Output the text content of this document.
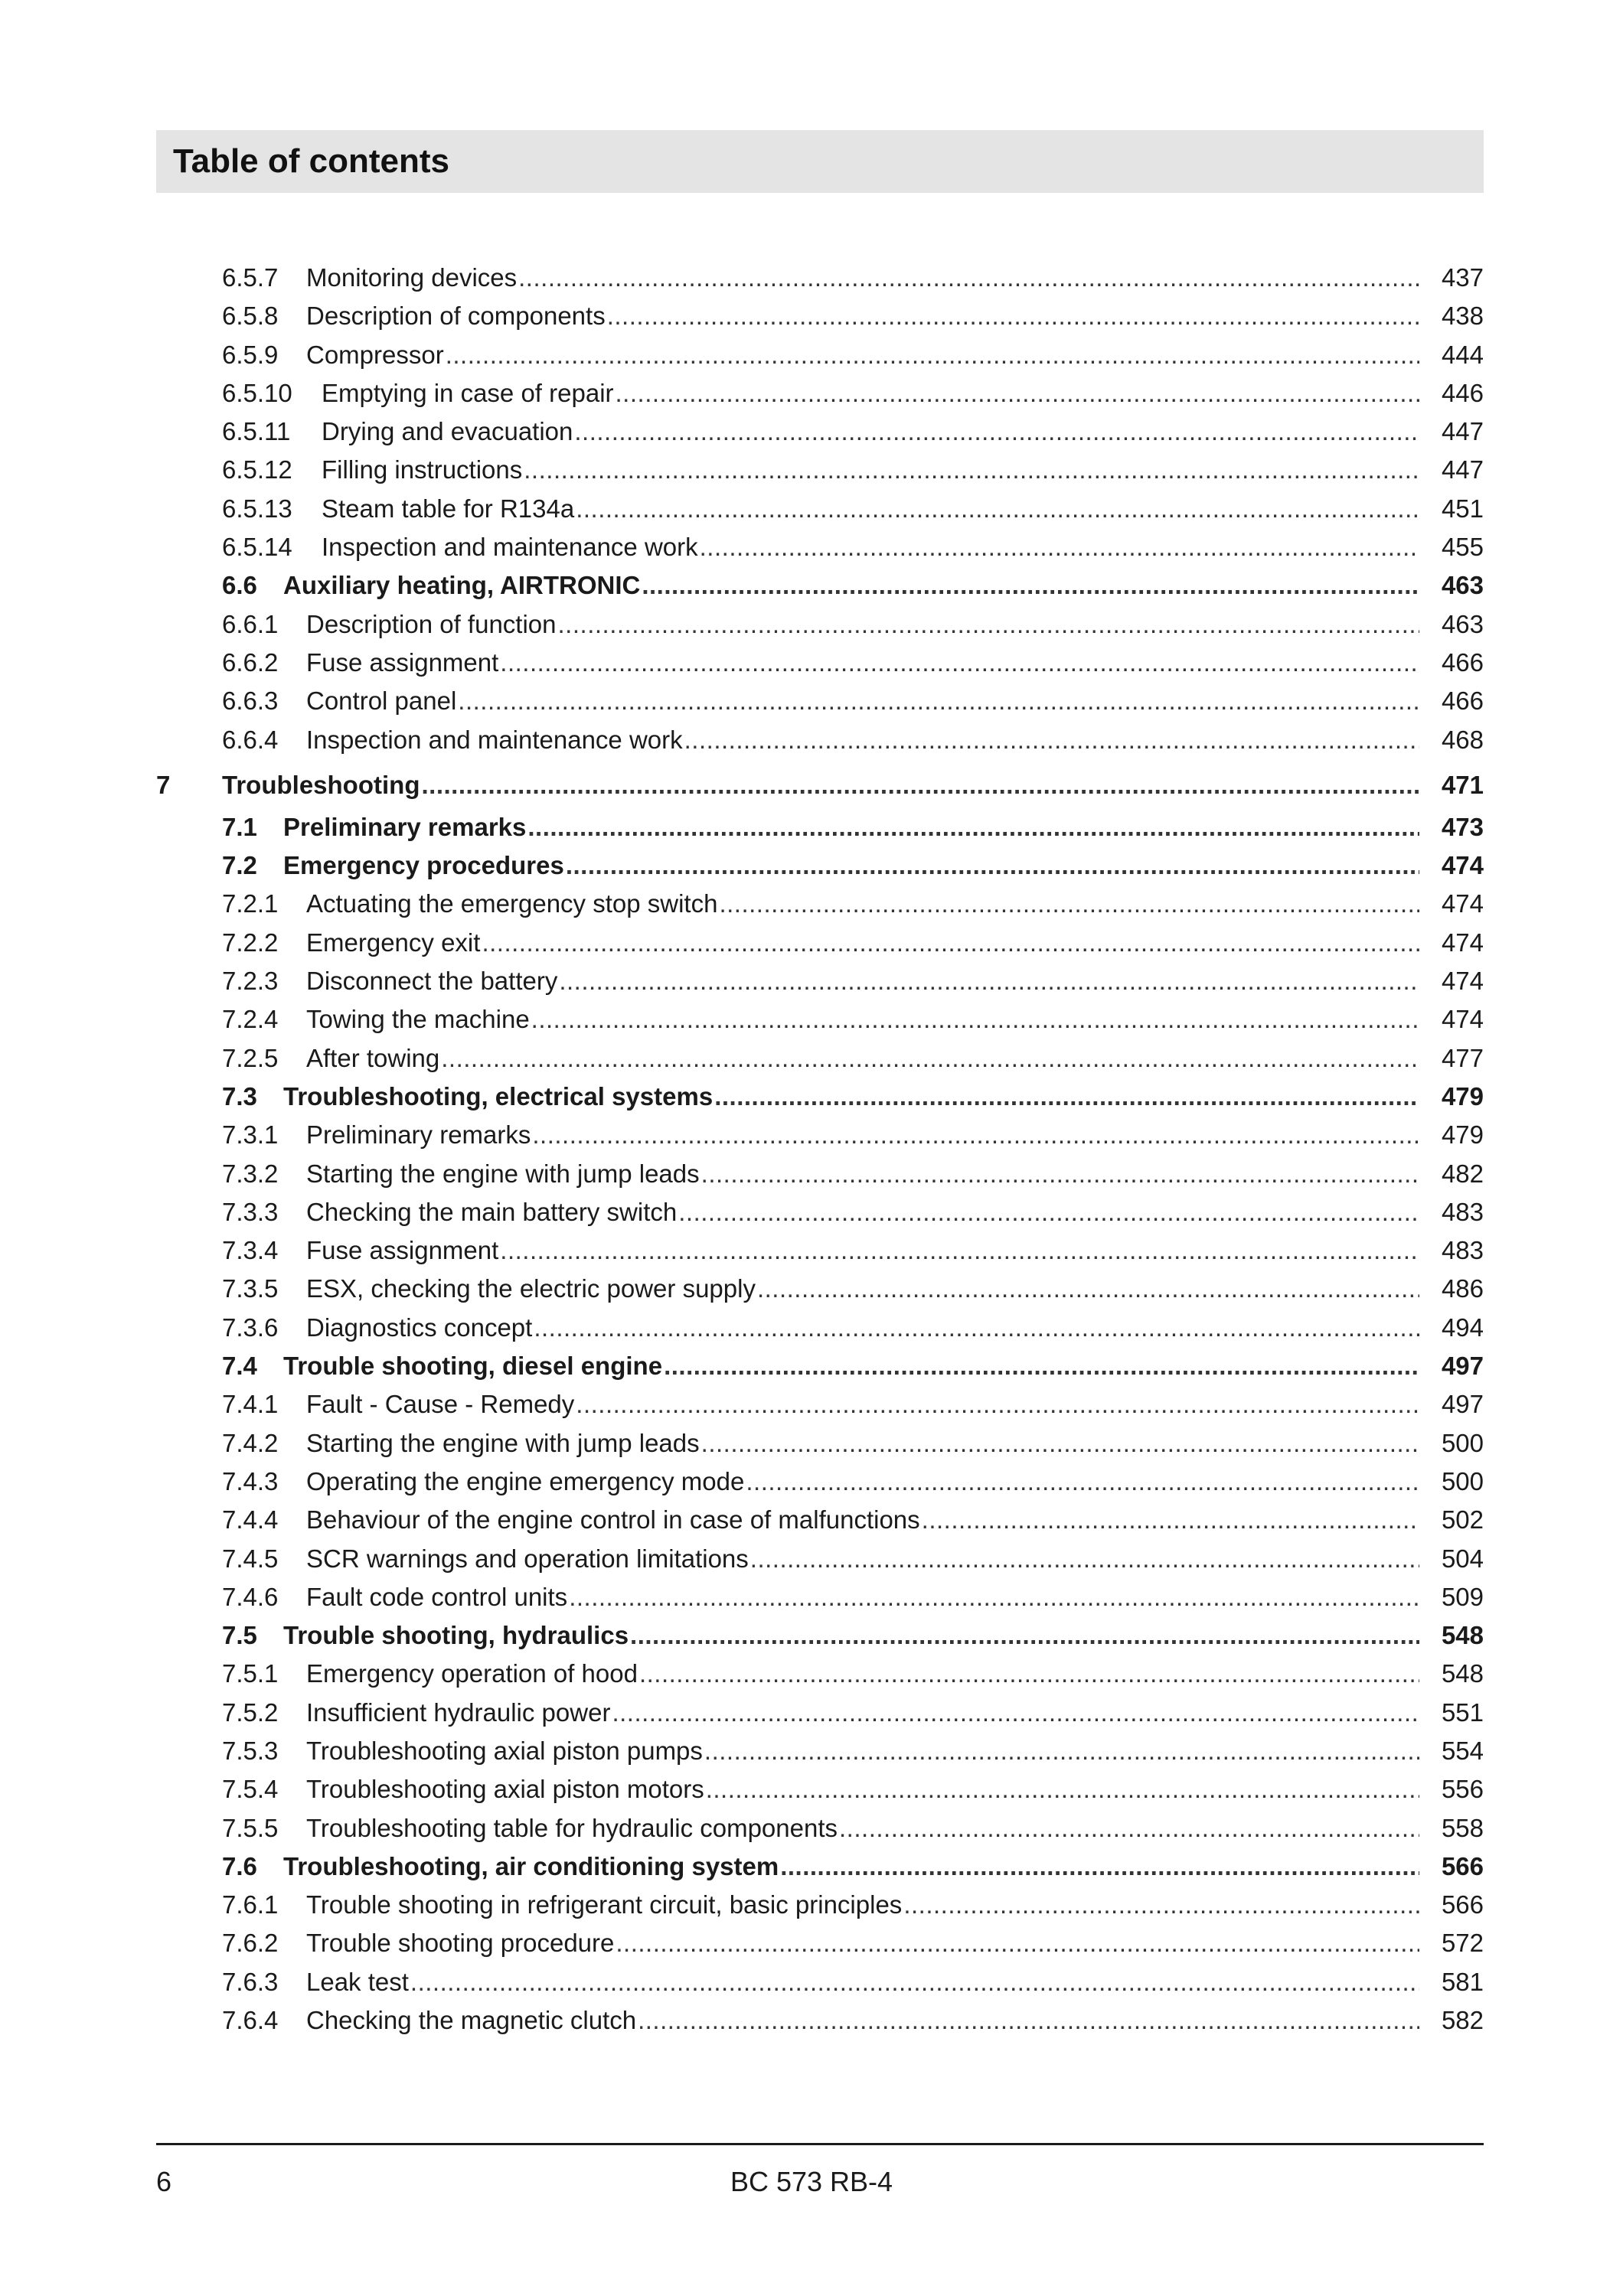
Table of contents
6.5.7 Monitoring devices .....	437
6.5.8 Description of components .....	438
6.5.9 Compressor .....	444
6.5.10 Emptying in case of repair .....	446
6.5.11 Drying and evacuation .....	447
6.5.12 Filling instructions .....	447
6.5.13 Steam table for R134a .....	451
6.5.14 Inspection and maintenance work .....	455
6.6 Auxiliary heating, AIRTRONIC .....	463
6.6.1 Description of function .....	463
6.6.2 Fuse assignment .....	466
6.6.3 Control panel .....	466
6.6.4 Inspection and maintenance work .....	468
7 Troubleshooting .....	471
7.1 Preliminary remarks .....	473
7.2 Emergency procedures .....	474
7.2.1 Actuating the emergency stop switch .....	474
7.2.2 Emergency exit .....	474
7.2.3 Disconnect the battery .....	474
7.2.4 Towing the machine .....	474
7.2.5 After towing .....	477
7.3 Troubleshooting, electrical systems .....	479
7.3.1 Preliminary remarks .....	479
7.3.2 Starting the engine with jump leads .....	482
7.3.3 Checking the main battery switch .....	483
7.3.4 Fuse assignment .....	483
7.3.5 ESX, checking the electric power supply .....	486
7.3.6 Diagnostics concept .....	494
7.4 Trouble shooting, diesel engine .....	497
7.4.1 Fault - Cause - Remedy .....	497
7.4.2 Starting the engine with jump leads .....	500
7.4.3 Operating the engine emergency mode .....	500
7.4.4 Behaviour of the engine control in case of malfunctions .....	502
7.4.5 SCR warnings and operation limitations .....	504
7.4.6 Fault code control units .....	509
7.5 Trouble shooting, hydraulics .....	548
7.5.1 Emergency operation of hood .....	548
7.5.2 Insufficient hydraulic power .....	551
7.5.3 Troubleshooting axial piston pumps .....	554
7.5.4 Troubleshooting axial piston motors .....	556
7.5.5 Troubleshooting table for hydraulic components .....	558
7.6 Troubleshooting, air conditioning system .....	566
7.6.1 Trouble shooting in refrigerant circuit, basic principles .....	566
7.6.2 Trouble shooting procedure .....	572
7.6.3 Leak test .....	581
7.6.4 Checking the magnetic clutch .....	582
6	BC 573 RB-4
